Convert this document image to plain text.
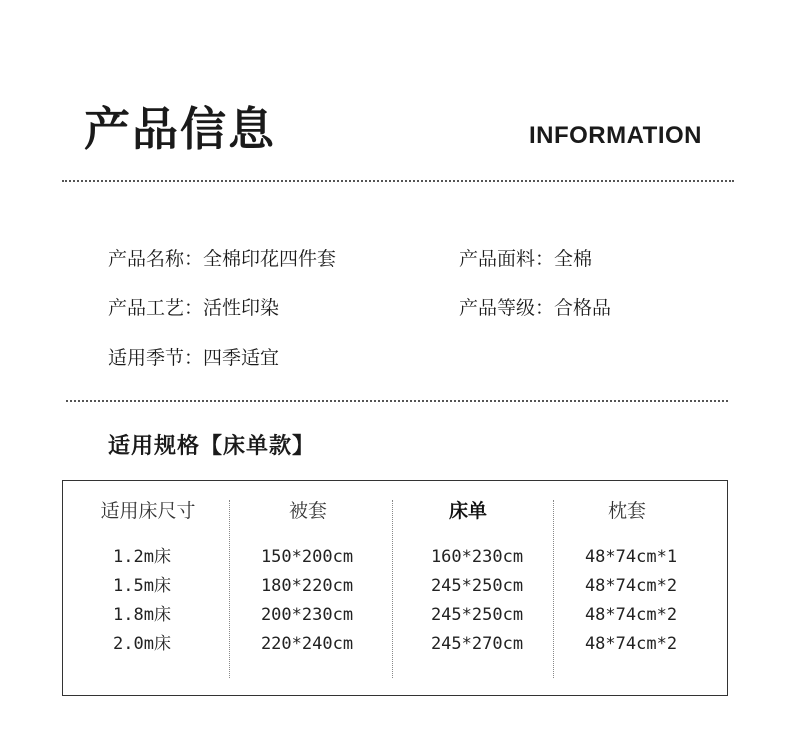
产品信息	INFORMATION
产品名称：全棉印花四件套	产品面料：全棉
产品工艺：活性印染	产品等级：合格品
适用季节：四季适宜
适用规格【床单款】
适用床尺寸	被套	床单	枕套
1.2m床	150*200cm	160*230cm	48*74cm*1
1.5m床	180*220cm	245*250cm	48*74cm*2
1.8m床	200*230cm	245*250cm	48*74cm*2
2.0m床	220*240cm	245*270cm	48*74cm*2
